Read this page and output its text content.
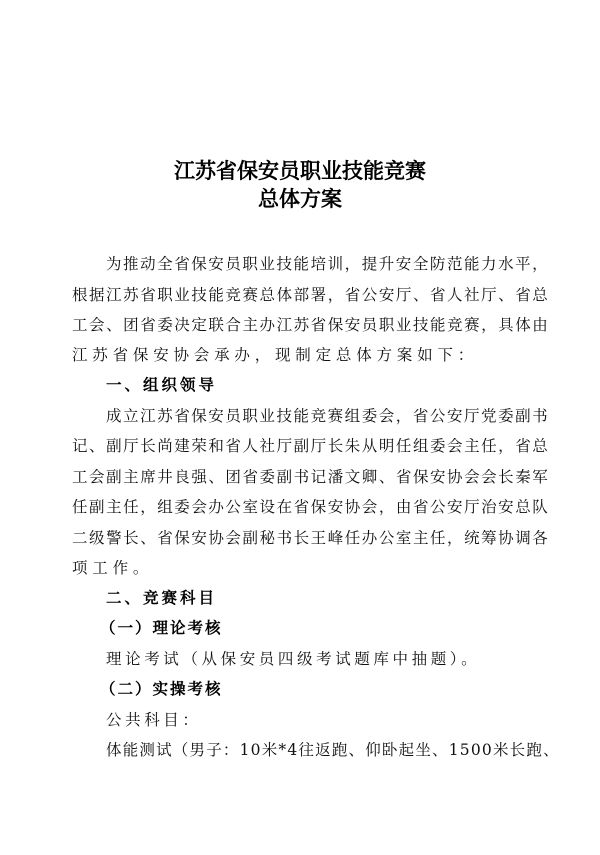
江苏省保安员职业技能竞赛
总体方案
为 推 动 全 省 保 安 员 职 业 技 能 培 训 ， 提 升 安 全 防 范 能 力 水 平 ，
根 据 江 苏 省 职 业 技 能 竞 赛 总 体 部 署 ， 省 公 安 厅 、 省 人 社 厅 、 省 总
工 会 、 团 省 委 决 定 联 合 主 办 江 苏 省 保 安 员 职 业 技 能 竞 赛 ， 具 体 由
江苏省保安协会承办，现制定总体方案如下：
一、组织领导
成 立 江 苏 省 保 安 员 职 业 技 能 竞 赛 组 委 会 ， 省 公 安 厅 党 委 副 书
记 、 副 厅 长 尚 建 荣 和 省 人 社 厅 副 厅 长 朱 从 明 任 组 委 会 主 任 ， 省 总
工 会 副 主 席 井 良 强 、 团 省 委 副 书 记 潘 文 卿 、 省 保 安 协 会 会 长 秦 军
任 副 主 任 ， 组 委 会 办 公 室 设 在 省 保 安 协 会 ， 由 省 公 安 厅 治 安 总 队
二 级 警 长 、 省 保 安 协 会 副 秘 书 长 王 峰 任 办 公 室 主 任 ， 统 筹 协 调 各
项工作。
二、竞赛科目
（一）理论考核
理论考试（从保安员四级考试题库中抽题）。
（二）实操考核
公共科目：
体能测试（男子：10米*4往返跑、仰卧起坐、1500米长跑、
